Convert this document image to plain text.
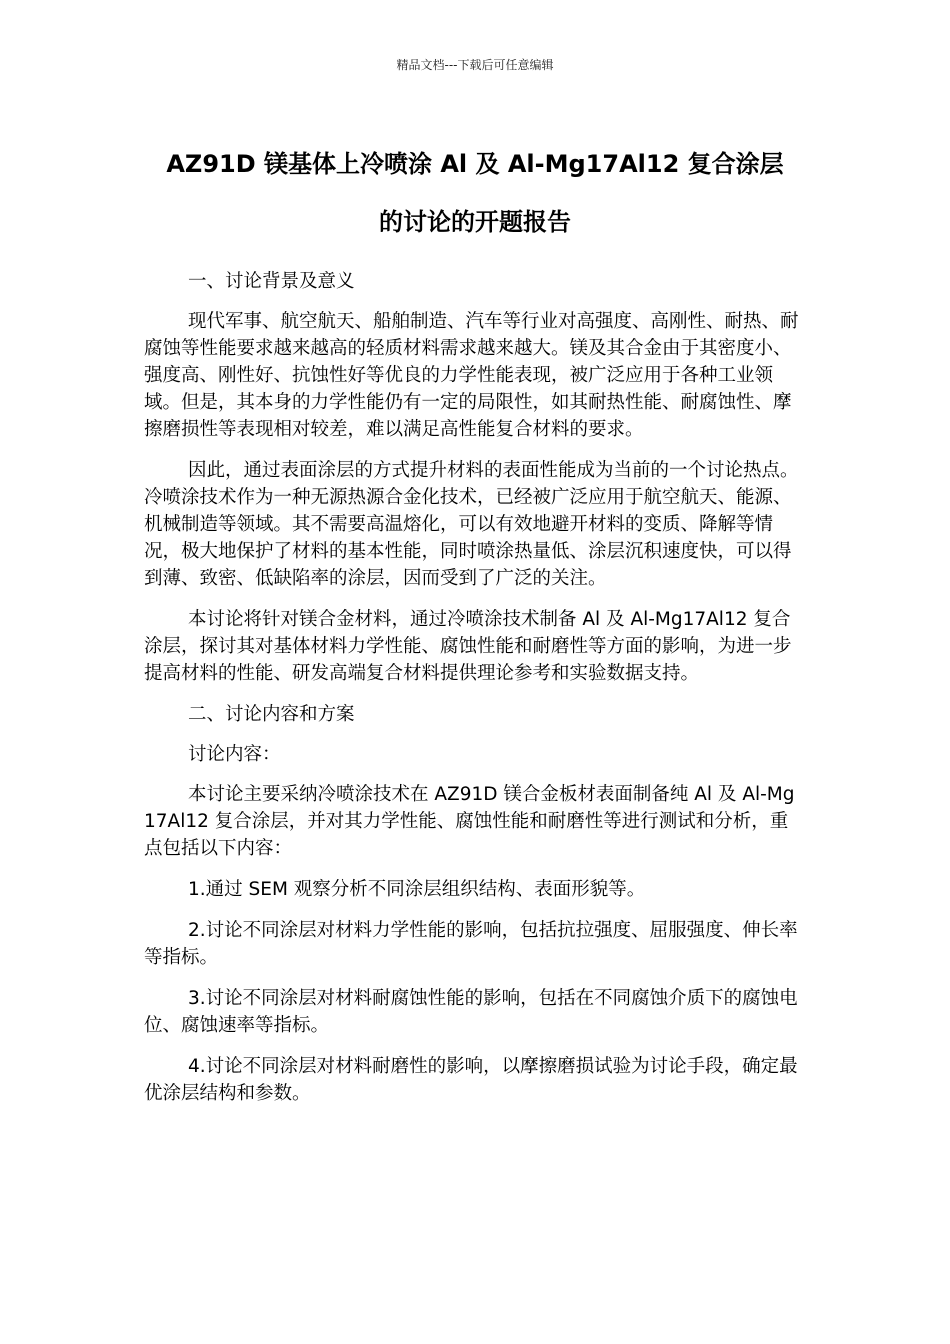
精品文档---下载后可任意编辑
AZ91D 镁基体上冷喷涂 Al 及 Al-Mg17Al12 复合涂层
的讨论的开题报告

一、讨论背景及意义

现代军事、航空航天、船舶制造、汽车等行业对高强度、高刚性、耐热、耐腐蚀等性能要求越来越高的轻质材料需求越来越大。镁及其合金由于其密度小、强度高、刚性好、抗蚀性好等优良的力学性能表现，被广泛应用于各种工业领域。但是，其本身的力学性能仍有一定的局限性，如其耐热性能、耐腐蚀性、摩擦磨损性等表现相对较差，难以满足高性能复合材料的要求。

因此，通过表面涂层的方式提升材料的表面性能成为当前的一个讨论热点。冷喷涂技术作为一种无源热源合金化技术，已经被广泛应用于航空航天、能源、机械制造等领域。其不需要高温熔化，可以有效地避开材料的变质、降解等情况，极大地保护了材料的基本性能，同时喷涂热量低、涂层沉积速度快，可以得到薄、致密、低缺陷率的涂层，因而受到了广泛的关注。

本讨论将针对镁合金材料，通过冷喷涂技术制备 Al 及 Al-Mg17Al12 复合涂层，探讨其对基体材料力学性能、腐蚀性能和耐磨性等方面的影响，为进一步提高材料的性能、研发高端复合材料提供理论参考和实验数据支持。

二、讨论内容和方案

讨论内容：

本讨论主要采纳冷喷涂技术在 AZ91D 镁合金板材表面制备纯 Al 及 Al-Mg17Al12 复合涂层，并对其力学性能、腐蚀性能和耐磨性等进行测试和分析，重点包括以下内容：

1.通过 SEM 观察分析不同涂层组织结构、表面形貌等。

2.讨论不同涂层对材料力学性能的影响，包括抗拉强度、屈服强度、伸长率等指标。

3.讨论不同涂层对材料耐腐蚀性能的影响，包括在不同腐蚀介质下的腐蚀电位、腐蚀速率等指标。

4.讨论不同涂层对材料耐磨性的影响，以摩擦磨损试验为讨论手段，确定最优涂层结构和参数。
